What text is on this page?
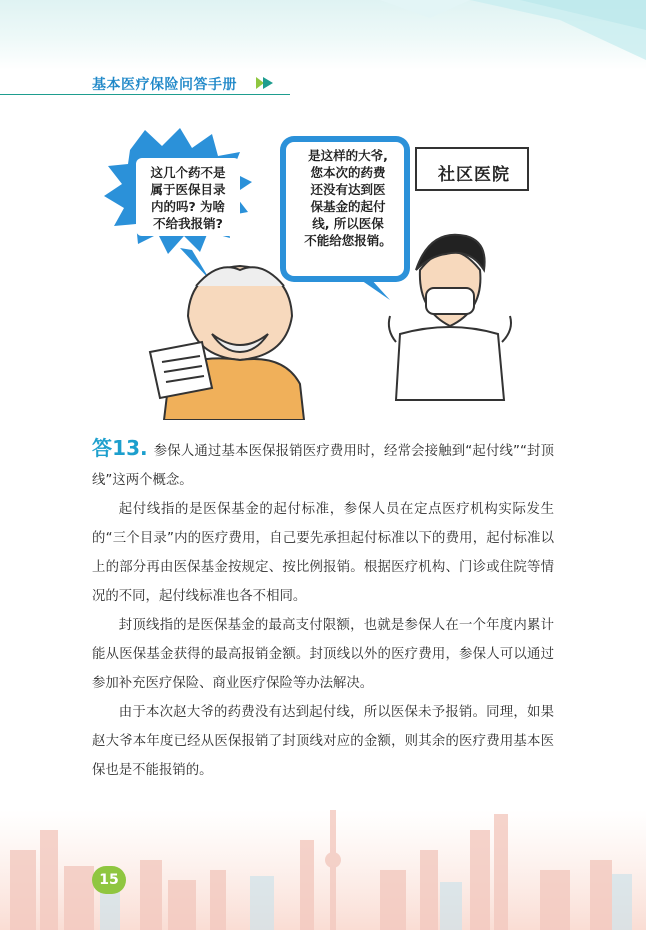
基本医疗保险问答手册
这几个药不是
属于医保目录
内的吗? 为啥
不给我报销?
是这样的大爷,
您本次的药费
还没有达到医
保基金的起付
线, 所以医保
不能给您报销。
社区医院

答13. 参保人通过基本医保报销医疗费用时，经常会接触到“起付线”“封顶线”这两个概念。

起付线指的是医保基金的起付标准，参保人员在定点医疗机构实际发生的“三个目录”内的医疗费用，自己要先承担起付标准以下的费用，起付标准以上的部分再由医保基金按规定、按比例报销。根据医疗机构、门诊或住院等情况的不同，起付线标准也各不相同。

封顶线指的是医保基金的最高支付限额，也就是参保人在一个年度内累计能从医保基金获得的最高报销金额。封顶线以外的医疗费用，参保人可以通过参加补充医疗保险、商业医疗保险等办法解决。

由于本次赵大爷的药费没有达到起付线，所以医保未予报销。同理，如果赵大爷本年度已经从医保报销了封顶线对应的金额，则其余的医疗费用基本医保也是不能报销的。

15
